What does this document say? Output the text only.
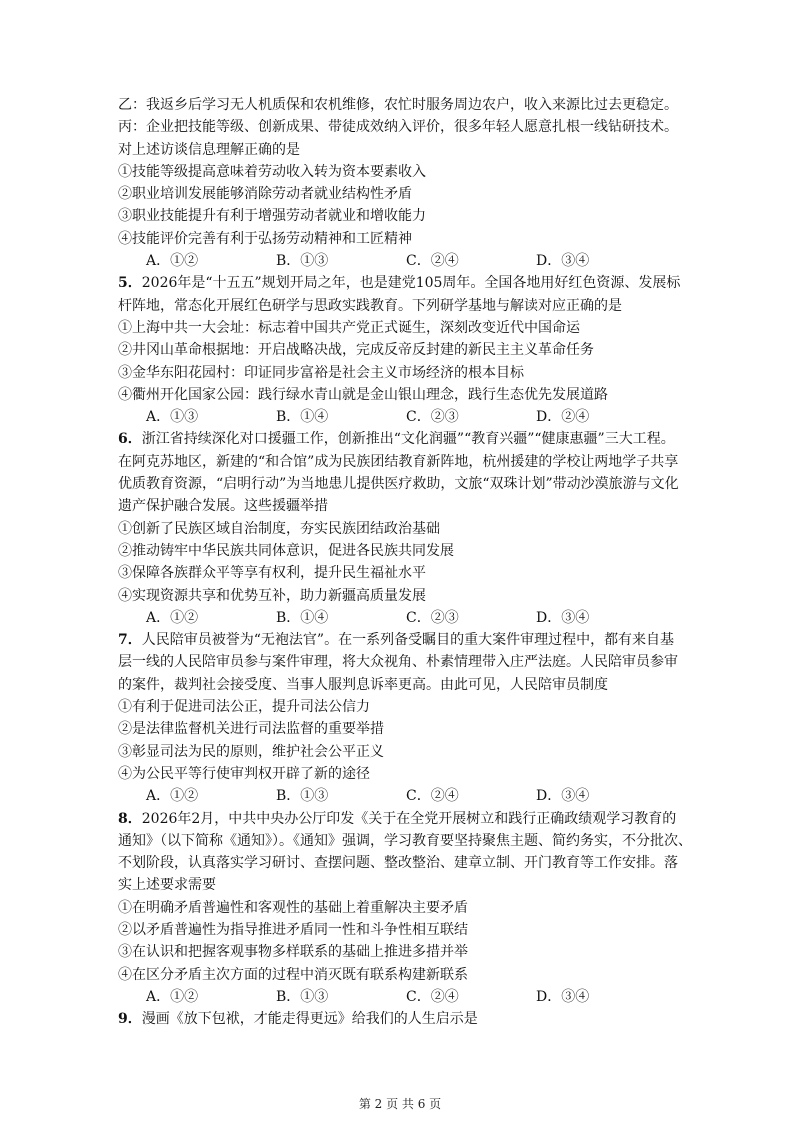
乙：我返乡后学习无人机质保和农机维修，农忙时服务周边农户，收入来源比过去更稳定。
丙：企业把技能等级、创新成果、带徒成效纳入评价，很多年轻人愿意扎根一线钻研技术。
对上述访谈信息理解正确的是
①技能等级提高意味着劳动收入转为资本要素收入
②职业培训发展能够消除劳动者就业结构性矛盾
③职业技能提升有利于增强劳动者就业和增收能力
④技能评价完善有利于弘扬劳动精神和工匠精神
A．①②	B．①③	C．②④	D．③④
5．2026年是“十五五”规划开局之年，也是建党105周年。全国各地用好红色资源、发展标
杆阵地，常态化开展红色研学与思政实践教育。下列研学基地与解读对应正确的是
①上海中共一大会址：标志着中国共产党正式诞生，深刻改变近代中国命运
②井冈山革命根据地：开启战略决战，完成反帝反封建的新民主主义革命任务
③金华东阳花园村：印证同步富裕是社会主义市场经济的根本目标
④衢州开化国家公园：践行绿水青山就是金山银山理念，践行生态优先发展道路
A．①③	B．①④	C．②③	D．②④
6．浙江省持续深化对口援疆工作，创新推出“文化润疆”“教育兴疆”“健康惠疆”三大工程。
在阿克苏地区，新建的“和合馆”成为民族团结教育新阵地，杭州援建的学校让两地学子共享
优质教育资源，“启明行动”为当地患儿提供医疗救助，文旅“双珠计划”带动沙漠旅游与文化
遗产保护融合发展。这些援疆举措
①创新了民族区域自治制度，夯实民族团结政治基础
②推动铸牢中华民族共同体意识，促进各民族共同发展
③保障各族群众平等享有权利，提升民生福祉水平
④实现资源共享和优势互补，助力新疆高质量发展
A．①②	B．①④	C．②③	D．③④
7．人民陪审员被誉为“无袍法官”。在一系列备受瞩目的重大案件审理过程中，都有来自基
层一线的人民陪审员参与案件审理，将大众视角、朴素情理带入庄严法庭。人民陪审员参审
的案件，裁判社会接受度、当事人服判息诉率更高。由此可见，人民陪审员制度
①有利于促进司法公正，提升司法公信力
②是法律监督机关进行司法监督的重要举措
③彰显司法为民的原则，维护社会公平正义
④为公民平等行使审判权开辟了新的途径
A．①②	B．①③	C．②④	D．③④
8．2026年2月，中共中央办公厅印发《关于在全党开展树立和践行正确政绩观学习教育的
通知》（以下简称《通知》）。《通知》强调，学习教育要坚持聚焦主题、简约务实，不分批次、
不划阶段，认真落实学习研讨、查摆问题、整改整治、建章立制、开门教育等工作安排。落
实上述要求需要
①在明确矛盾普遍性和客观性的基础上着重解决主要矛盾
②以矛盾普遍性为指导推进矛盾同一性和斗争性相互联结
③在认识和把握客观事物多样联系的基础上推进多措并举
④在区分矛盾主次方面的过程中消灭既有联系构建新联系
A．①②	B．①③	C．②④	D．③④
9．漫画《放下包袱，才能走得更远》给我们的人生启示是
第 2 页 共 6 页
